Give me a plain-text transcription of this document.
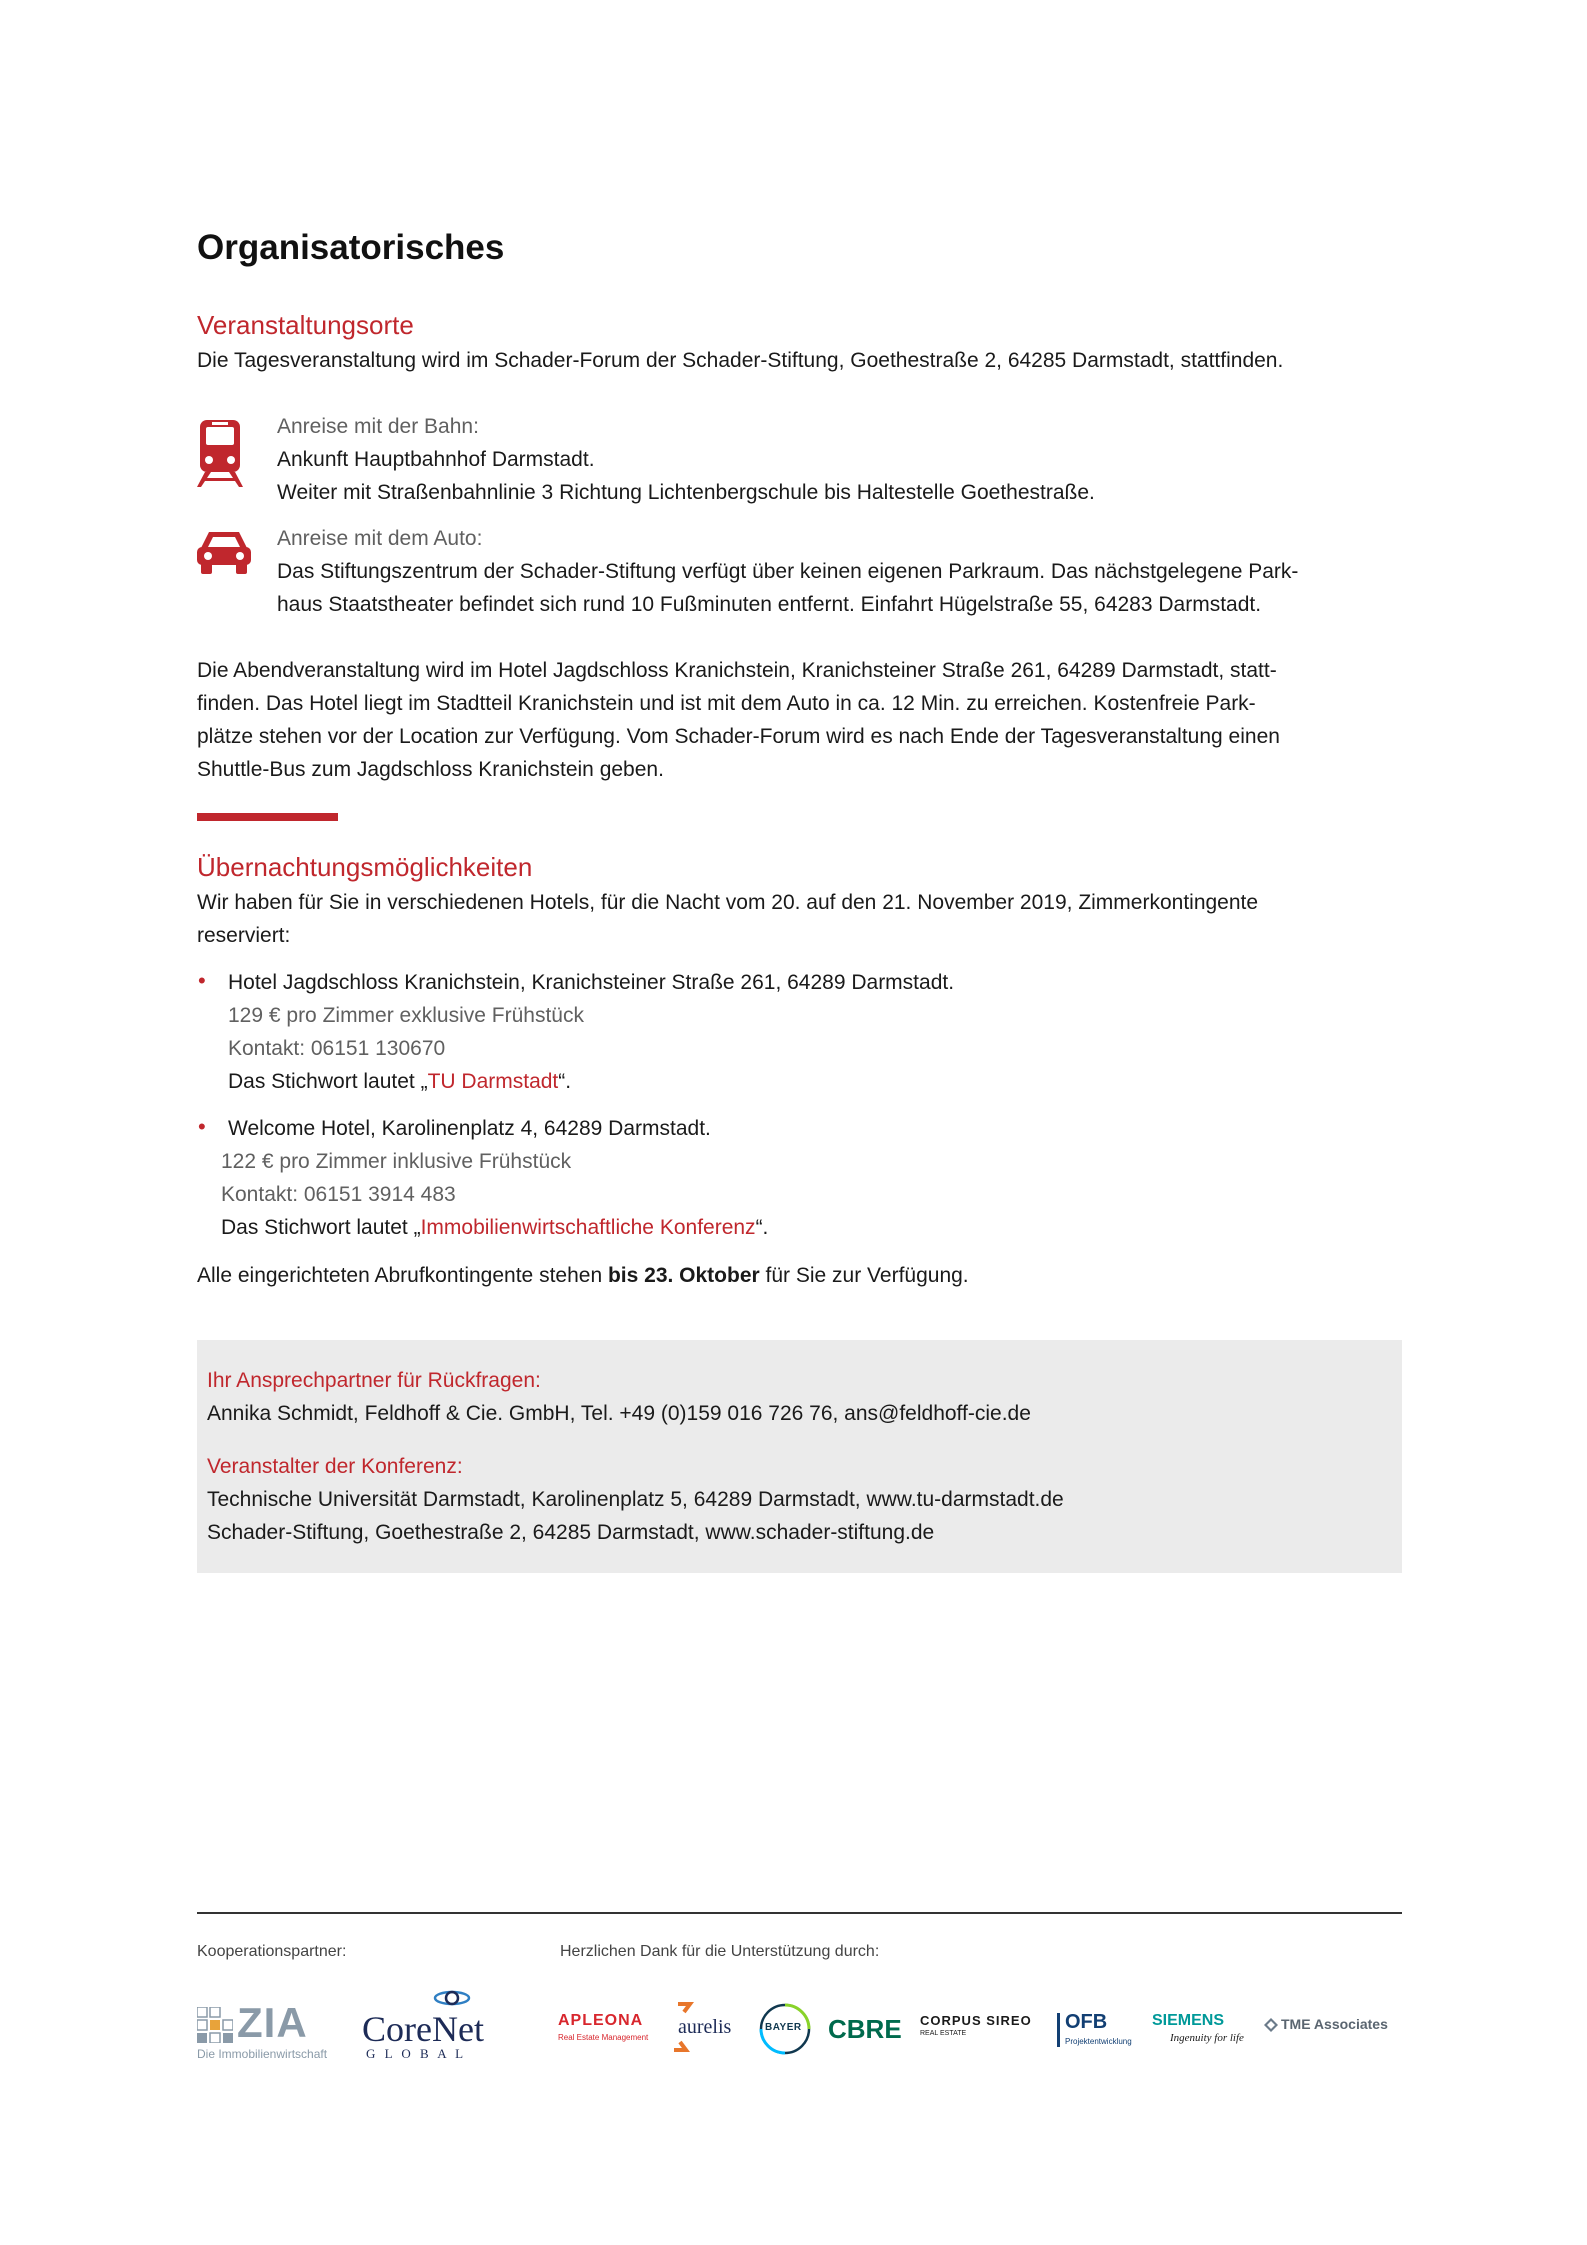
Organisatorisches
Veranstaltungsorte
Die Tagesveranstaltung wird im Schader-Forum der Schader-Stiftung, Goethestraße 2, 64285 Darmstadt, stattfinden.
Anreise mit der Bahn:
Ankunft Hauptbahnhof Darmstadt.
Weiter mit Straßenbahnlinie 3 Richtung Lichtenbergschule bis Haltestelle Goethestraße.
Anreise mit dem Auto:
Das Stiftungszentrum der Schader-Stiftung verfügt über keinen eigenen Parkraum. Das nächstgelegene Park-
haus Staatstheater befindet sich rund 10 Fußminuten entfernt. Einfahrt Hügelstraße 55, 64283 Darmstadt.
Die Abendveranstaltung wird im Hotel Jagdschloss Kranichstein, Kranichsteiner Straße 261, 64289 Darmstadt, statt-
finden. Das Hotel liegt im Stadtteil Kranichstein und ist mit dem Auto in ca. 12 Min. zu erreichen. Kostenfreie Park-
plätze stehen vor der Location zur Verfügung. Vom Schader-Forum wird es nach Ende der Tagesveranstaltung einen
Shuttle-Bus zum Jagdschloss Kranichstein geben.
Übernachtungsmöglichkeiten
Wir haben für Sie in verschiedenen Hotels, für die Nacht vom 20. auf den 21. November 2019, Zimmerkontingente
reserviert:
• Hotel Jagdschloss Kranichstein, Kranichsteiner Straße 261, 64289 Darmstadt.
129 € pro Zimmer exklusive Frühstück
Kontakt: 06151 130670
Das Stichwort lautet „TU Darmstadt“.
• Welcome Hotel, Karolinenplatz 4, 64289 Darmstadt.
122 € pro Zimmer inklusive Frühstück
Kontakt: 06151 3914 483
Das Stichwort lautet „Immobilienwirtschaftliche Konferenz“.
Alle eingerichteten Abrufkontingente stehen bis 23. Oktober für Sie zur Verfügung.
Ihr Ansprechpartner für Rückfragen:
Annika Schmidt, Feldhoff & Cie. GmbH, Tel. +49 (0)159 016 726 76, ans@feldhoff-cie.de
Veranstalter der Konferenz:
Technische Universität Darmstadt, Karolinenplatz 5, 64289 Darmstadt, www.tu-darmstadt.de
Schader-Stiftung, Goethestraße 2, 64285 Darmstadt, www.schader-stiftung.de
Kooperationspartner:	Herzlichen Dank für die Unterstützung durch:
ZIA
Die Immobilienwirtschaft
CoreNet
G L O B A L
APLEONA
Real Estate Management aurelis	BAYER CBRE CORPUS SIREO
REAL ESTATE
OFB
Projektentwicklung
SIEMENS
Ingenuity for life
TME Associates
